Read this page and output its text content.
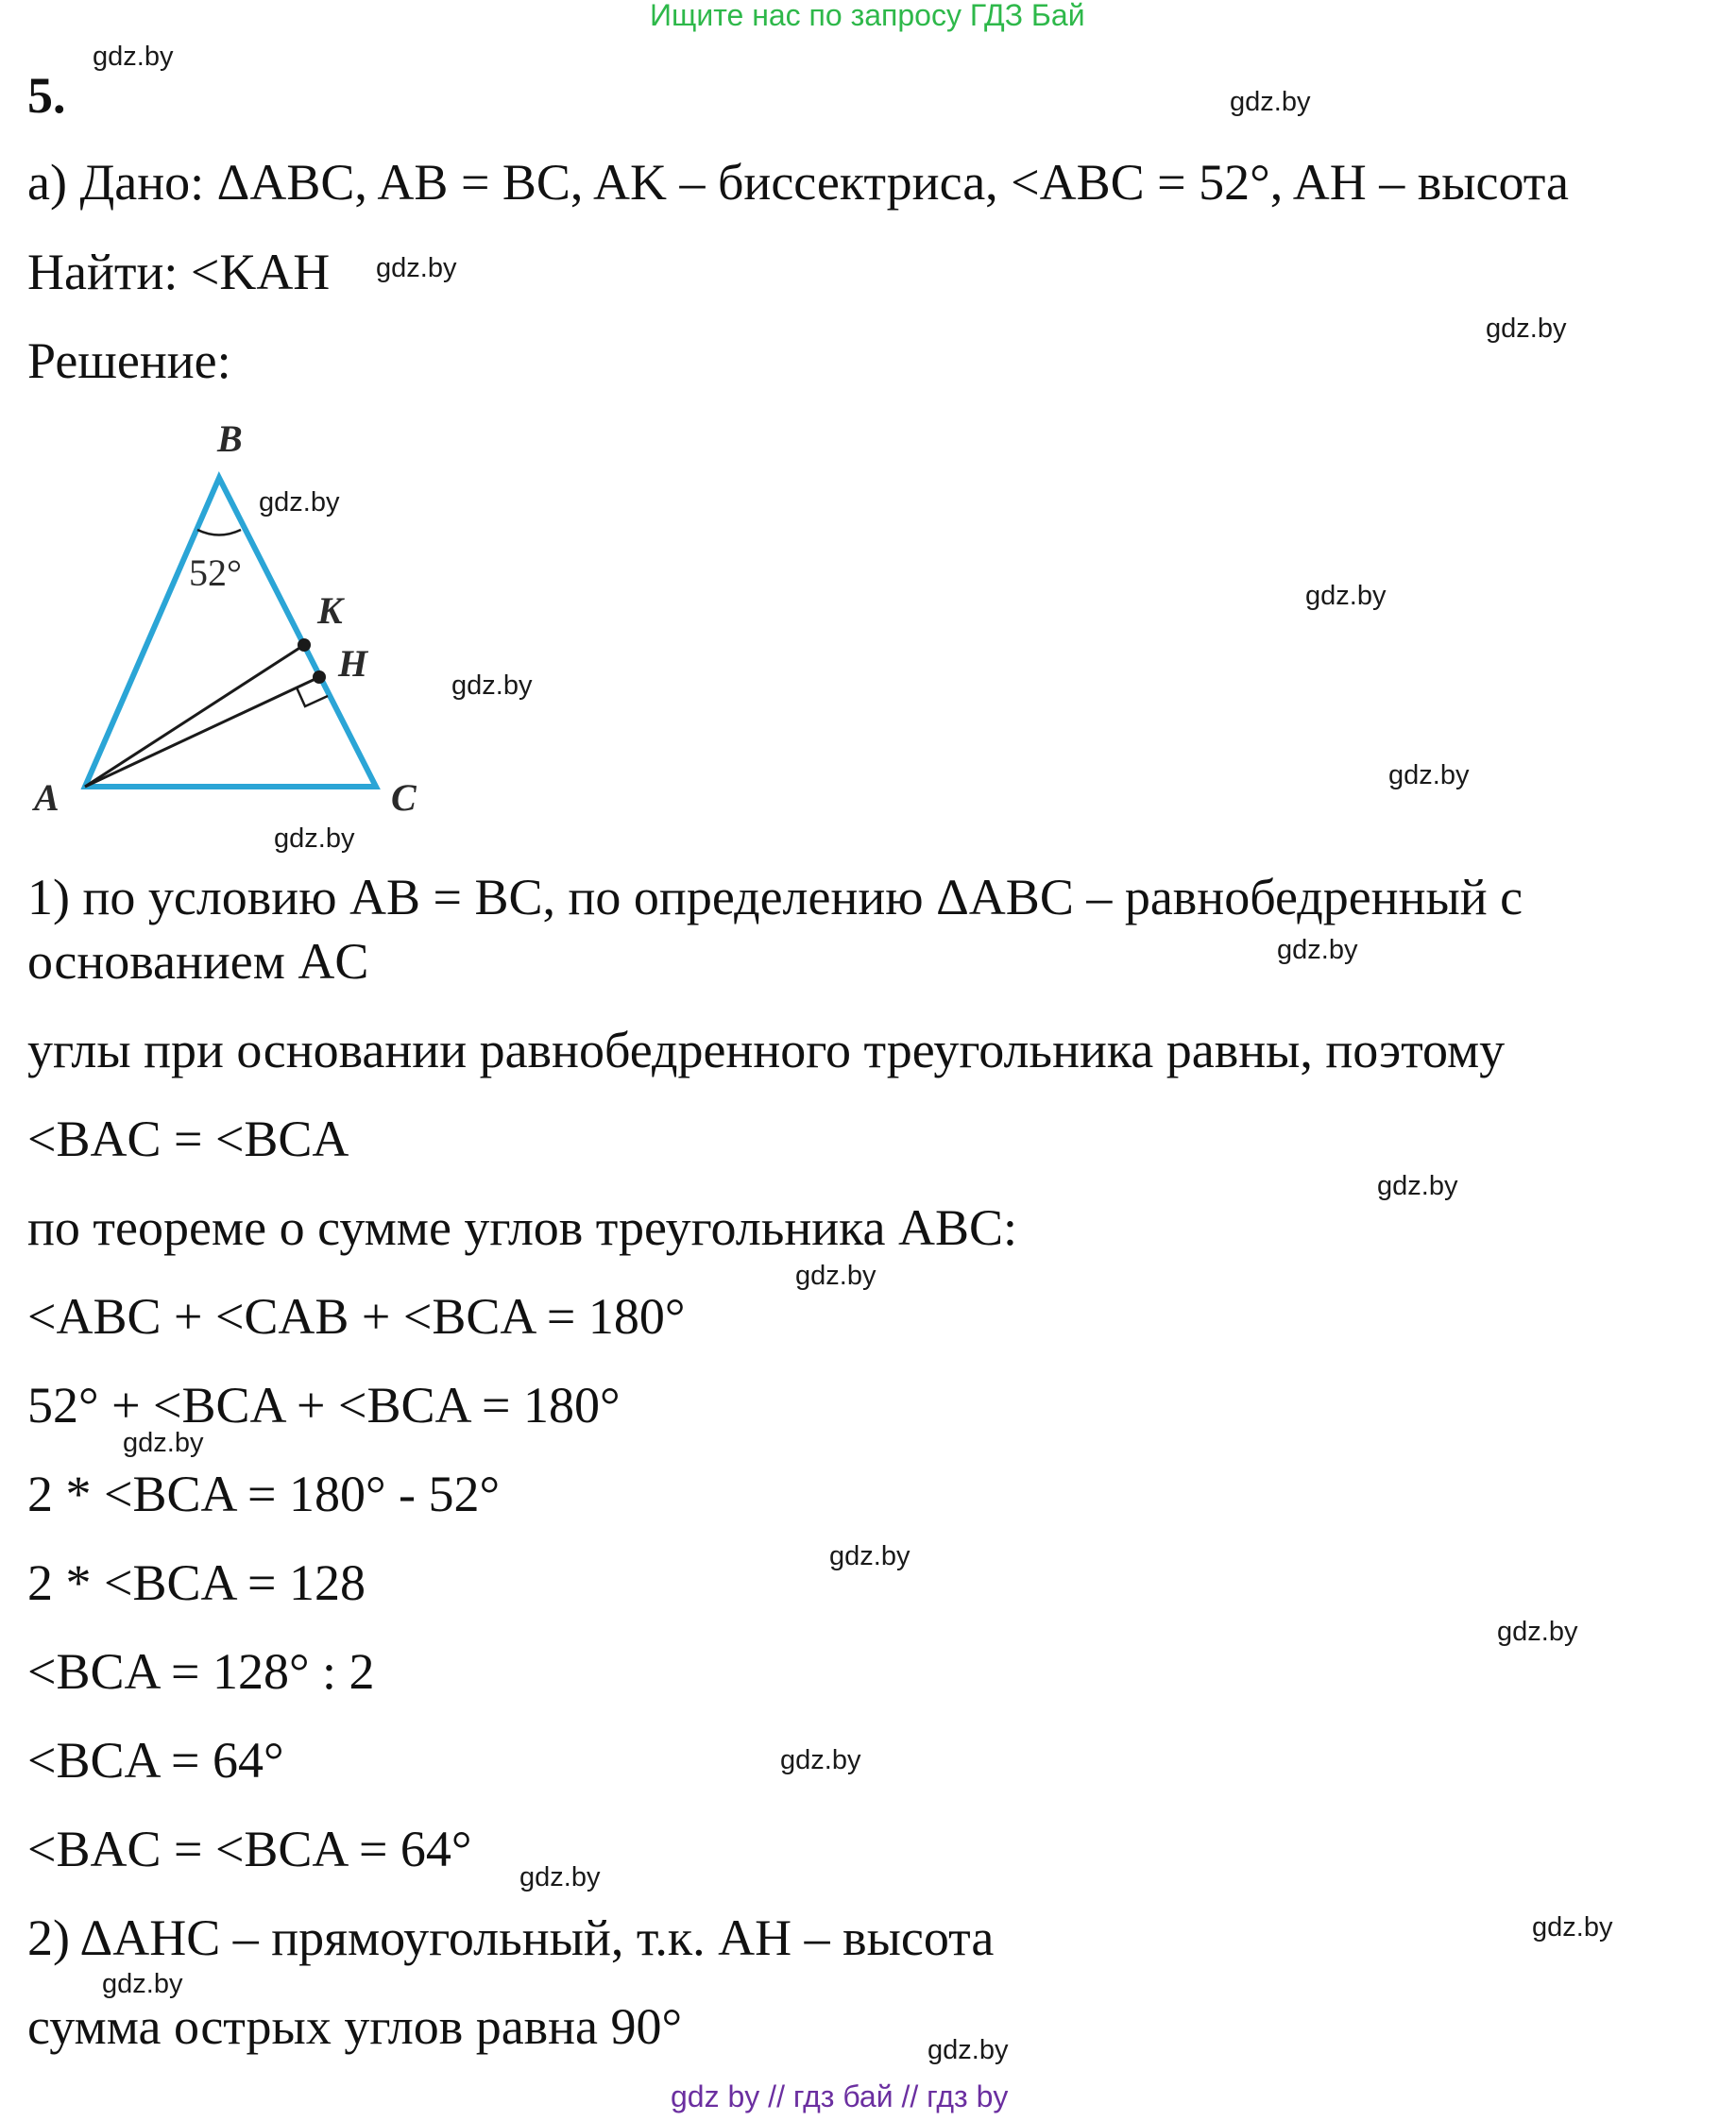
Ищите нас по запросу ГДЗ Бай
5.
а) Дано: ΔABC, AB = BC, AK – биссектриса, <ABC = 52°, AH – высота
Найти: <KAH
Решение:
B
K
H
A	C
52°
1) по условию AB = BC, по определению ΔABC – равнобедренный с
основанием AC
углы при основании равнобедренного треугольника равны, поэтому
<BAC = <BCA
по теореме о сумме углов треугольника ABC:
<ABC + <CAB + <BCA = 180°
52° + <BCA + <BCA = 180°
2 * <BCA = 180° - 52°
2 * <BCA = 128
<BCA = 128° : 2
<BCA = 64°
<BAC = <BCA = 64°
2) ΔAHC – прямоугольный, т.к. AH – высота
сумма острых углов равна 90°
gdz.by
gdz.by
gdz.by
gdz.by
gdz.by
gdz.by
gdz.by
gdz.by
gdz.by
gdz.by
gdz.by
gdz.by
gdz.by
gdz.by
gdz.by
gdz.by
gdz.by
gdz.by
gdz.by
gdz.by
gdz by // гдз бай // гдз by
